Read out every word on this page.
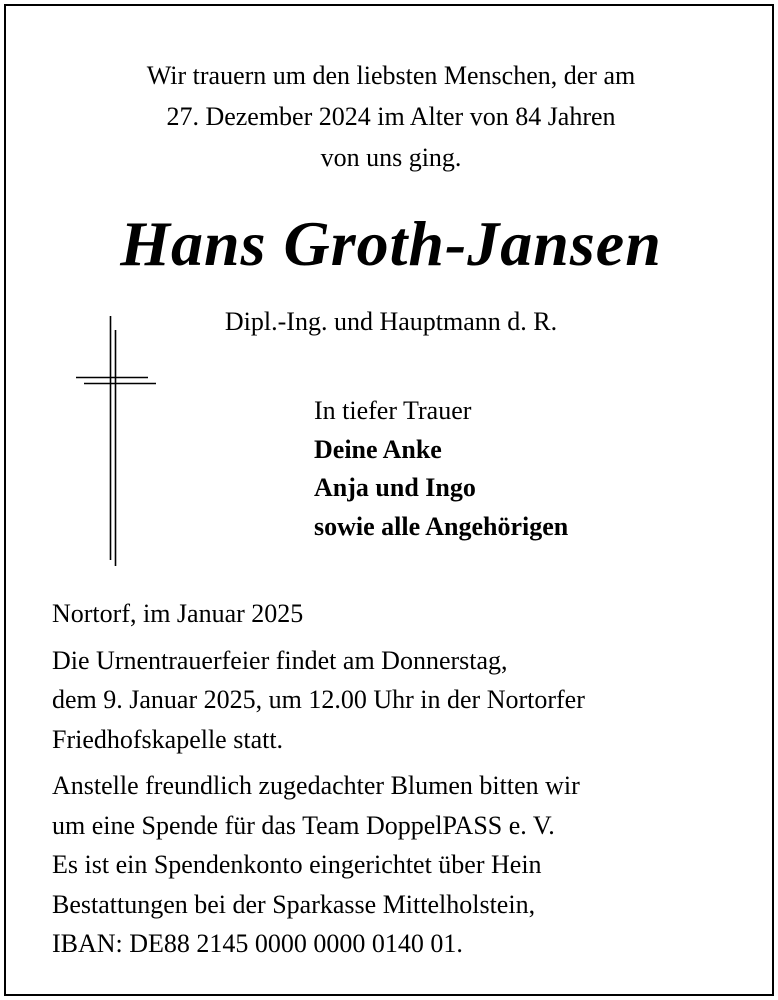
Wir trauern um den liebsten Menschen, der am
27. Dezember 2024 im Alter von 84 Jahren
von uns ging.
Hans Groth-Jansen
Dipl.-Ing. und Hauptmann d. R.
In tiefer Trauer
Deine Anke
Anja und Ingo
sowie alle Angehörigen
Nortorf, im Januar 2025
Die Urnentrauerfeier findet am Donnerstag,
dem 9. Januar 2025, um 12.00 Uhr in der Nortorfer
Friedhofskapelle statt.
Anstelle freundlich zugedachter Blumen bitten wir
um eine Spende für das Team DoppelPASS e. V.
Es ist ein Spendenkonto eingerichtet über Hein
Bestattungen bei der Sparkasse Mittelholstein,
IBAN: DE88 2145 0000 0000 0140 01.
